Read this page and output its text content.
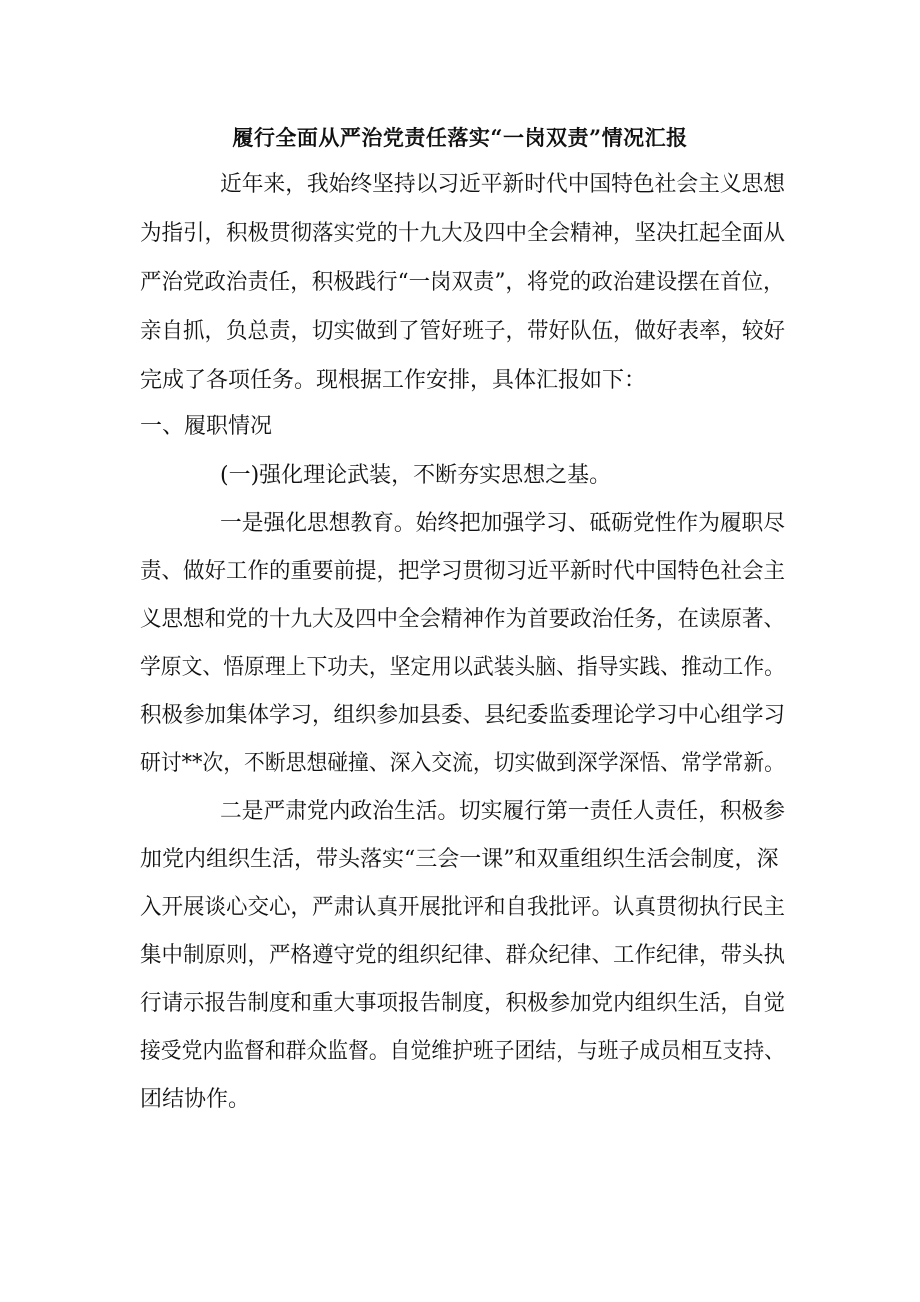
履行全面从严治党责任落实“一岗双责”情况汇报
近年来，我始终坚持以习近平新时代中国特色社会主义思想
为指引，积极贯彻落实党的十九大及四中全会精神，坚决扛起全面从
严治党政治责任，积极践行“一岗双责”，将党的政治建设摆在首位，
亲自抓，负总责，切实做到了管好班子，带好队伍，做好表率，较好
完成了各项任务。现根据工作安排，具体汇报如下：
一、履职情况
(一)强化理论武装，不断夯实思想之基。
一是强化思想教育。始终把加强学习、砥砺党性作为履职尽
责、做好工作的重要前提，把学习贯彻习近平新时代中国特色社会主
义思想和党的十九大及四中全会精神作为首要政治任务，在读原著、
学原文、悟原理上下功夫，坚定用以武装头脑、指导实践、推动工作。
积极参加集体学习，组织参加县委、县纪委监委理论学习中心组学习
研讨**次，不断思想碰撞、深入交流，切实做到深学深悟、常学常新。
二是严肃党内政治生活。切实履行第一责任人责任，积极参
加党内组织生活，带头落实“三会一课”和双重组织生活会制度，深
入开展谈心交心，严肃认真开展批评和自我批评。认真贯彻执行民主
集中制原则，严格遵守党的组织纪律、群众纪律、工作纪律，带头执
行请示报告制度和重大事项报告制度，积极参加党内组织生活，自觉
接受党内监督和群众监督。自觉维护班子团结，与班子成员相互支持、
团结协作。
